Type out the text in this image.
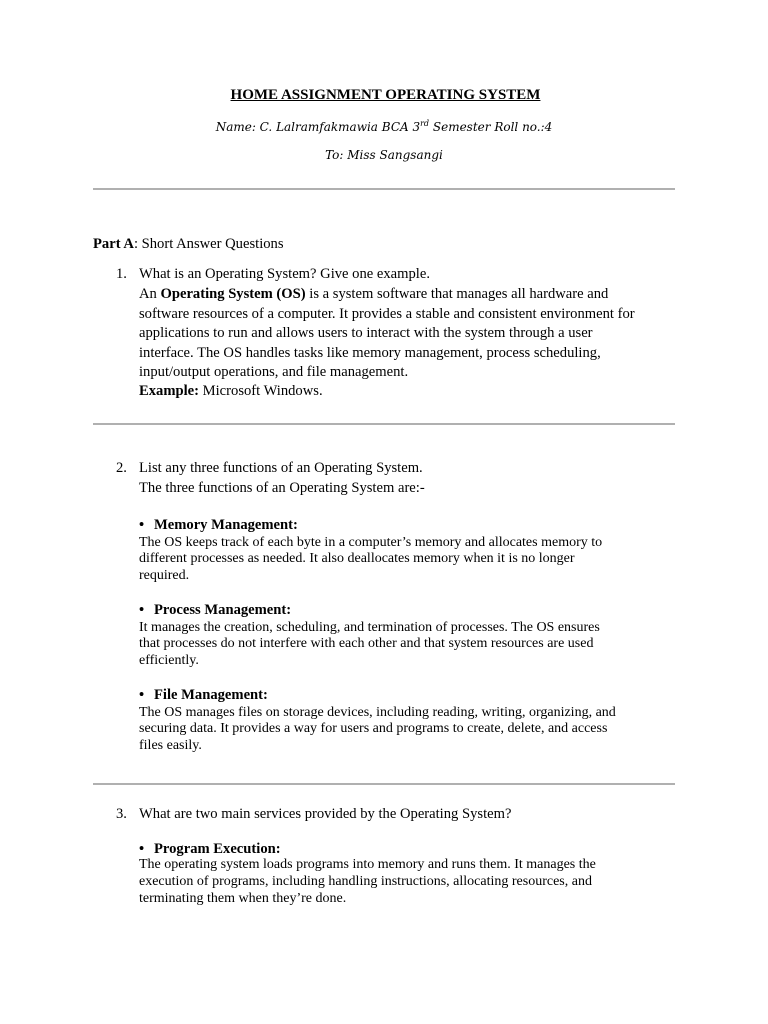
HOME ASSIGNMENT OPERATING SYSTEM
Name: C. Lalramfakmawia BCA 3rd Semester Roll no.:4
To: Miss Sangsangi
Part A: Short Answer Questions
1. What is an Operating System? Give one example.
An Operating System (OS) is a system software that manages all hardware and
software resources of a computer. It provides a stable and consistent environment for
applications to run and allows users to interact with the system through a user
interface. The OS handles tasks like memory management, process scheduling,
input/output operations, and file management.
Example: Microsoft Windows.
2. List any three functions of an Operating System.
The three functions of an Operating System are:-
• Memory Management:
The OS keeps track of each byte in a computer’s memory and allocates memory to
different processes as needed. It also deallocates memory when it is no longer
required.
• Process Management:
It manages the creation, scheduling, and termination of processes. The OS ensures
that processes do not interfere with each other and that system resources are used
efficiently.
• File Management:
The OS manages files on storage devices, including reading, writing, organizing, and
securing data. It provides a way for users and programs to create, delete, and access
files easily.
3. What are two main services provided by the Operating System?
• Program Execution:
The operating system loads programs into memory and runs them. It manages the
execution of programs, including handling instructions, allocating resources, and
terminating them when they’re done.
